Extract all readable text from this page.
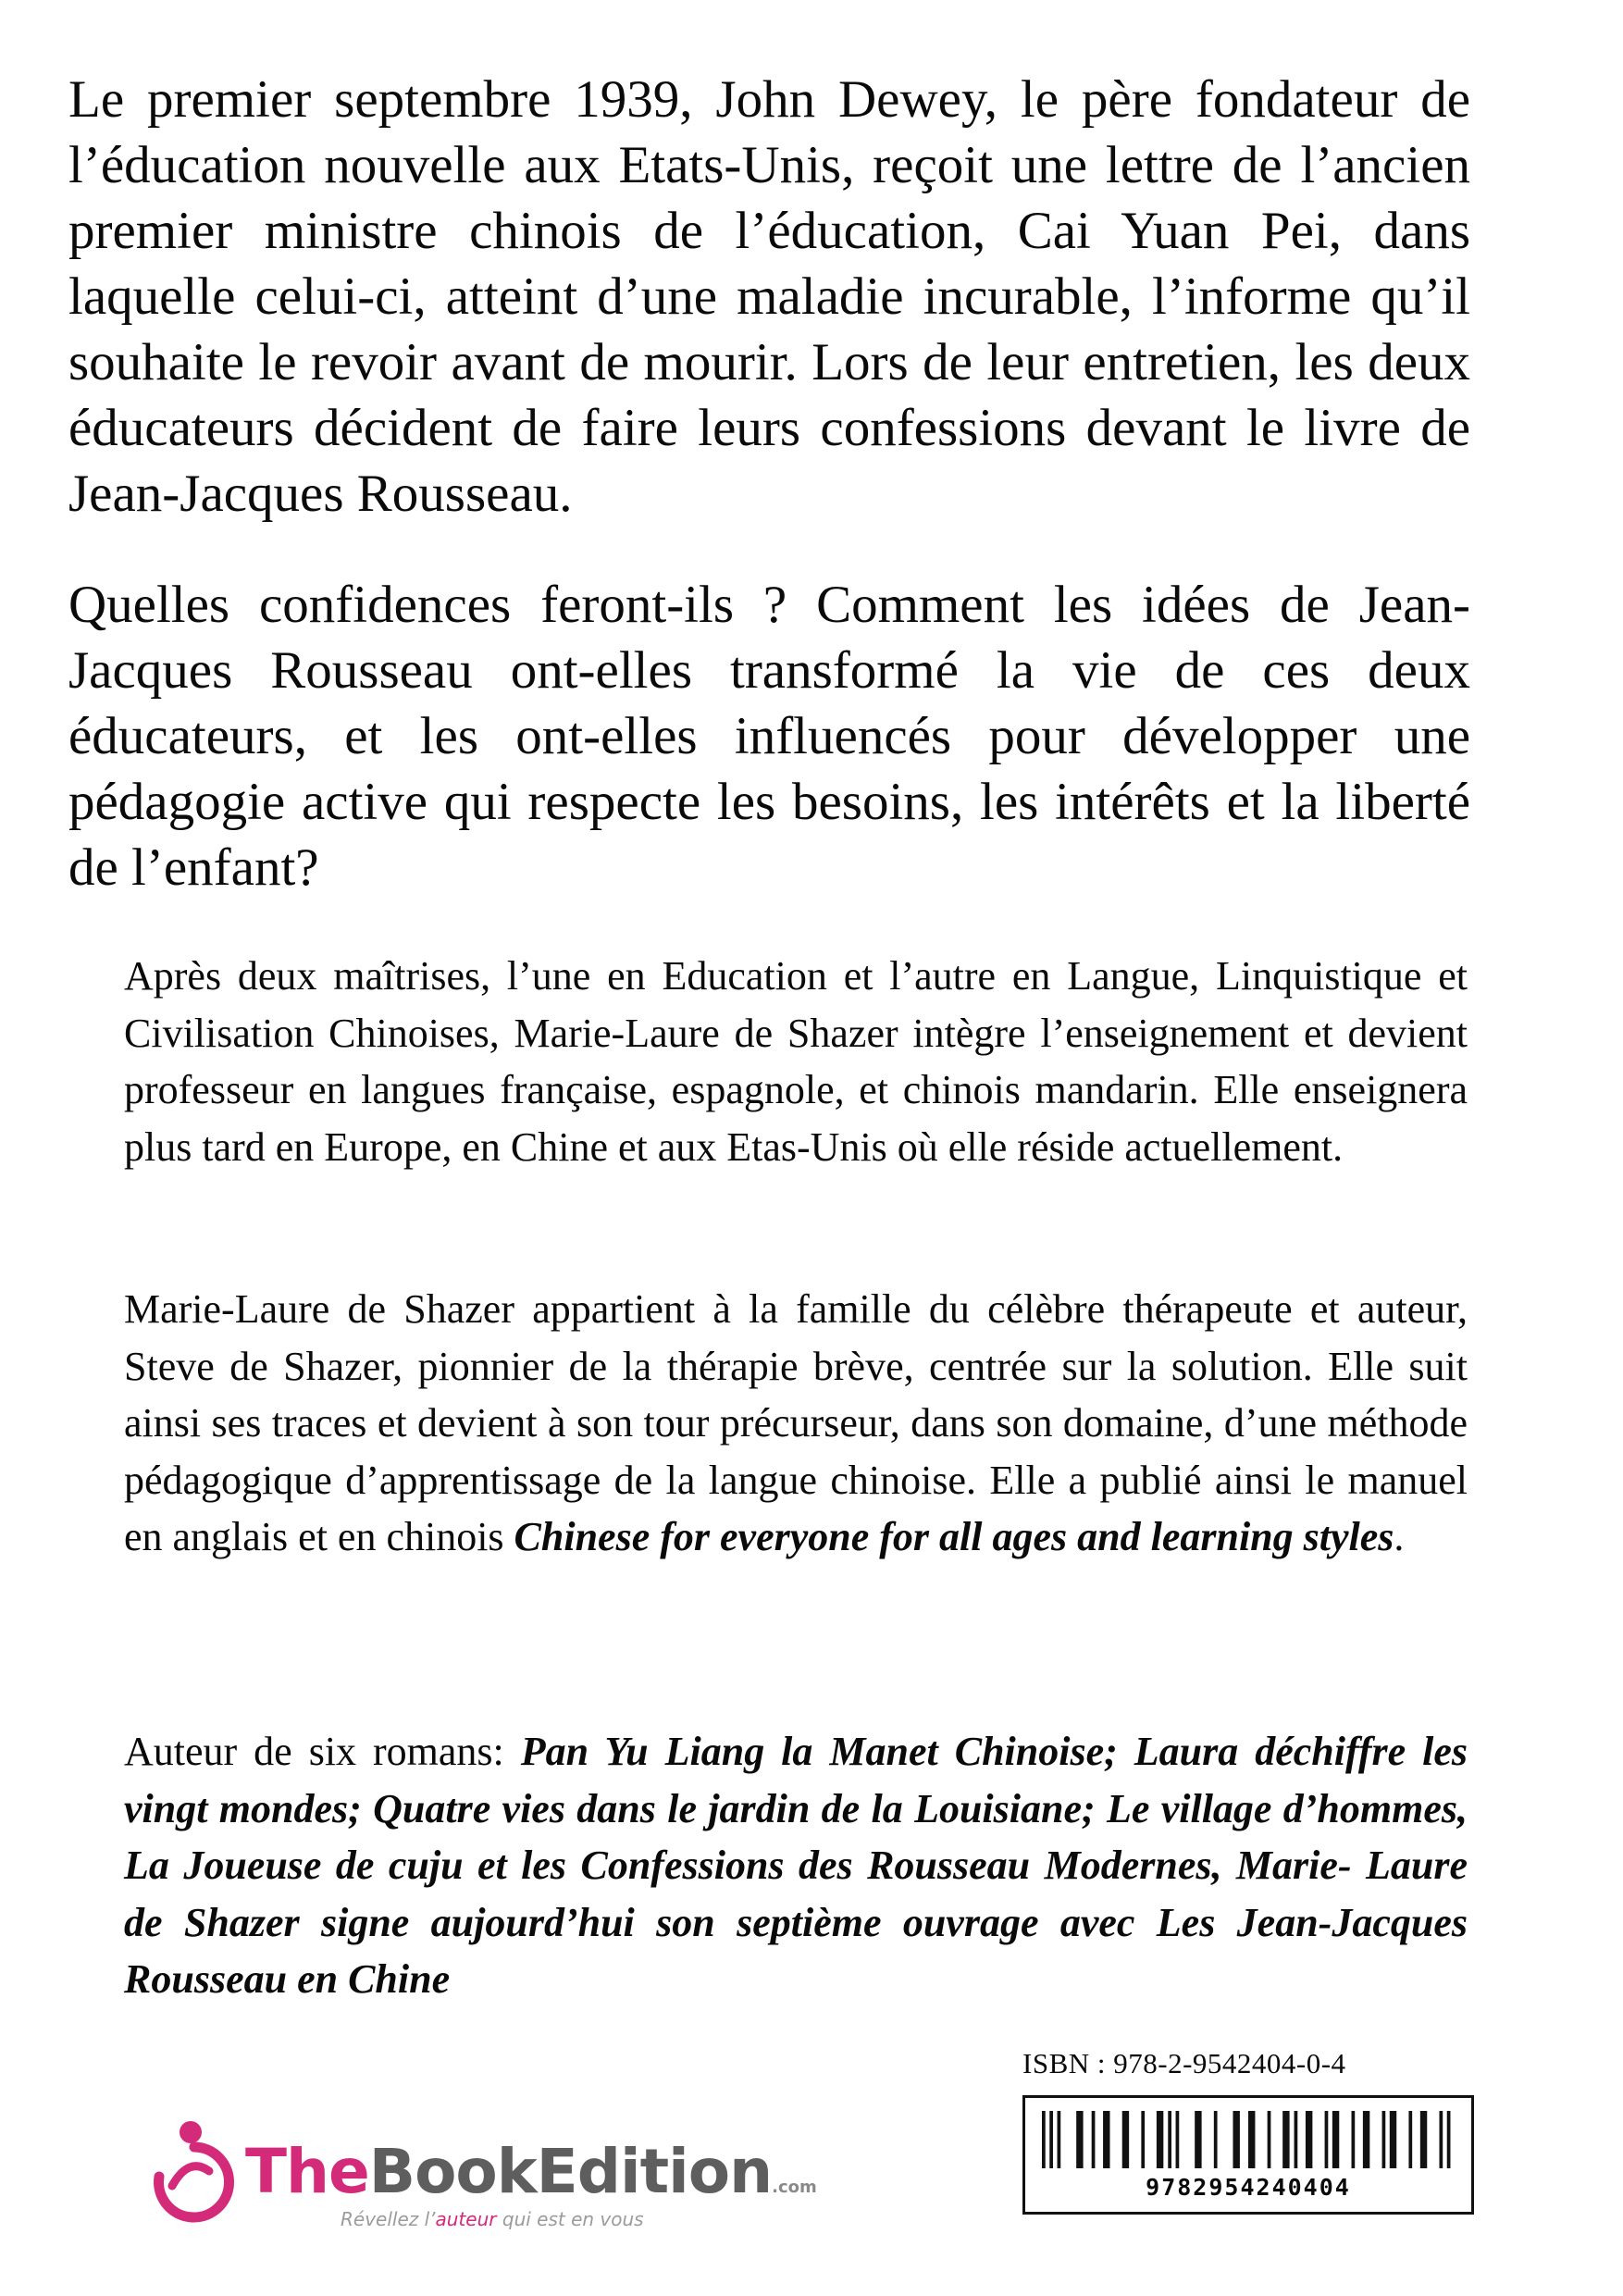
Le premier septembre 1939, John Dewey, le père fondateur de l’éducation nouvelle aux Etats-Unis, reçoit une lettre de l’ancien premier ministre chinois de l’éducation, Cai Yuan Pei, dans laquelle celui-ci, atteint d’une maladie incurable, l’informe qu’il souhaite le revoir avant de mourir. Lors de leur entretien, les deux éducateurs décident de faire leurs confessions devant le livre de Jean-Jacques Rousseau.

Quelles confidences feront-ils ? Comment les idées de Jean-Jacques Rousseau ont-elles transformé la vie de ces deux éducateurs, et les ont-elles influencés pour développer une pédagogie active qui respecte les besoins, les intérêts et la liberté de l’enfant?

Après deux maîtrises, l’une en Education et l’autre en Langue, Linquistique et Civilisation Chinoises, Marie-Laure de Shazer intègre l’enseignement et devient professeur en langues française, espagnole, et chinois mandarin. Elle enseignera plus tard en Europe, en Chine et aux Etas-Unis où elle réside actuellement.

Marie-Laure de Shazer appartient à la famille du célèbre thérapeute et auteur, Steve de Shazer, pionnier de la thérapie brève, centrée sur la solution. Elle suit ainsi ses traces et devient à son tour précurseur, dans son domaine, d’une méthode pédagogique d’apprentissage de la langue chinoise. Elle a publié ainsi le manuel en anglais et en chinois Chinese for everyone for all ages and learning styles.

Auteur de six romans: Pan Yu Liang la Manet Chinoise; Laura déchiffre les vingt mondes; Quatre vies dans le jardin de la Louisiane; Le village d’hommes, La Joueuse de cuju et les Confessions des Rousseau Modernes, Marie- Laure de Shazer signe aujourd’hui son septième ouvrage avec Les Jean-Jacques Rousseau en Chine

TheBookEdition.com
Révellez l’auteur qui est en vous
ISBN : 978-2-9542404-0-4
9782954240404
